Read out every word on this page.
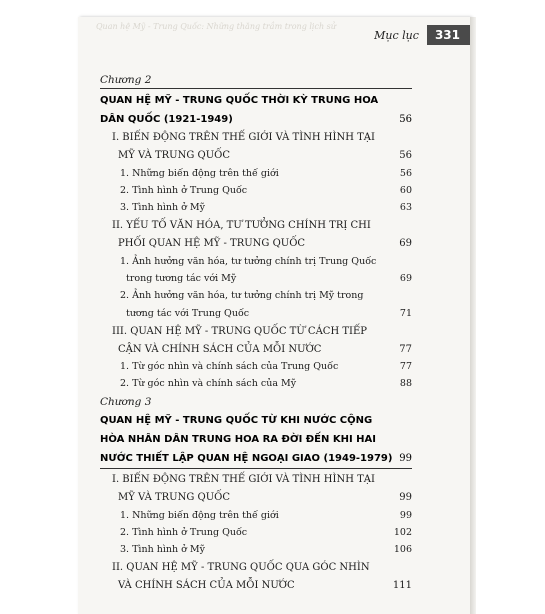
Quan hệ Mỹ - Trung Quốc: Những thăng trầm trong lịch sử
Mục lục	331
Chương 2
QUAN HỆ MỸ - TRUNG QUỐC THỜI KỲ TRUNG HOA
DÂN QUỐC (1921-1949)	56
I. BIẾN ĐỘNG TRÊN THẾ GIỚI VÀ TÌNH HÌNH TẠI
MỸ VÀ TRUNG QUỐC	56
1. Những biến động trên thế giới	56
2. Tình hình ở Trung Quốc	60
3. Tình hình ở Mỹ	63
II. YẾU TỐ VĂN HÓA, TƯ TƯỞNG CHÍNH TRỊ CHI
PHỐI QUAN HỆ MỸ - TRUNG QUỐC	69
1. Ảnh hưởng văn hóa, tư tưởng chính trị Trung Quốc
trong tương tác với Mỹ	69
2. Ảnh hưởng văn hóa, tư tưởng chính trị Mỹ trong
tương tác với Trung Quốc	71
III. QUAN HỆ MỸ - TRUNG QUỐC TỪ CÁCH TIẾP
CẬN VÀ CHÍNH SÁCH CỦA MỖI NƯỚC	77
1. Từ góc nhìn và chính sách của Trung Quốc	77
2. Từ góc nhìn và chính sách của Mỹ	88
Chương 3
QUAN HỆ MỸ - TRUNG QUỐC TỪ KHI NƯỚC CỘNG
HÒA NHÂN DÂN TRUNG HOA RA ĐỜI ĐẾN KHI HAI
NƯỚC THIẾT LẬP QUAN HỆ NGOẠI GIAO (1949-1979) 99
I. BIẾN ĐỘNG TRÊN THẾ GIỚI VÀ TÌNH HÌNH TẠI
MỸ VÀ TRUNG QUỐC	99
1. Những biến động trên thế giới	99
2. Tình hình ở Trung Quốc	102
3. Tình hình ở Mỹ	106
II. QUAN HỆ MỸ - TRUNG QUỐC QUA GÓC NHÌN
VÀ CHÍNH SÁCH CỦA MỖI NƯỚC	111
